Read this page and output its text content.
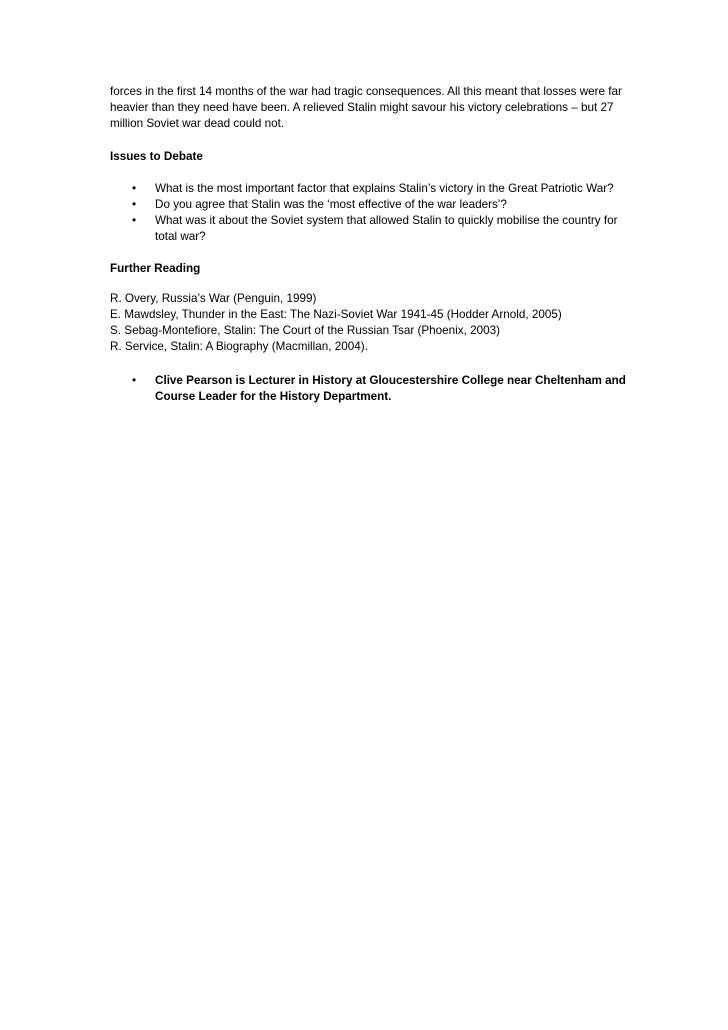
forces in the first 14 months of the war had tragic consequences. All this meant that losses were far heavier than they need have been. A relieved Stalin might savour his victory celebrations – but 27 million Soviet war dead could not.

Issues to Debate

• What is the most important factor that explains Stalin’s victory in the Great Patriotic War?
• Do you agree that Stalin was the ‘most effective of the war leaders’?
• What was it about the Soviet system that allowed Stalin to quickly mobilise the country for total war?

Further Reading

R. Overy, Russia’s War (Penguin, 1999)

E. Mawdsley, Thunder in the East: The Nazi-Soviet War 1941-45 (Hodder Arnold, 2005)

S. Sebag-Montefiore, Stalin: The Court of the Russian Tsar (Phoenix, 2003)

R. Service, Stalin: A Biography (Macmillan, 2004).

• Clive Pearson is Lecturer in History at Gloucestershire College near Cheltenham and Course Leader for the History Department.
